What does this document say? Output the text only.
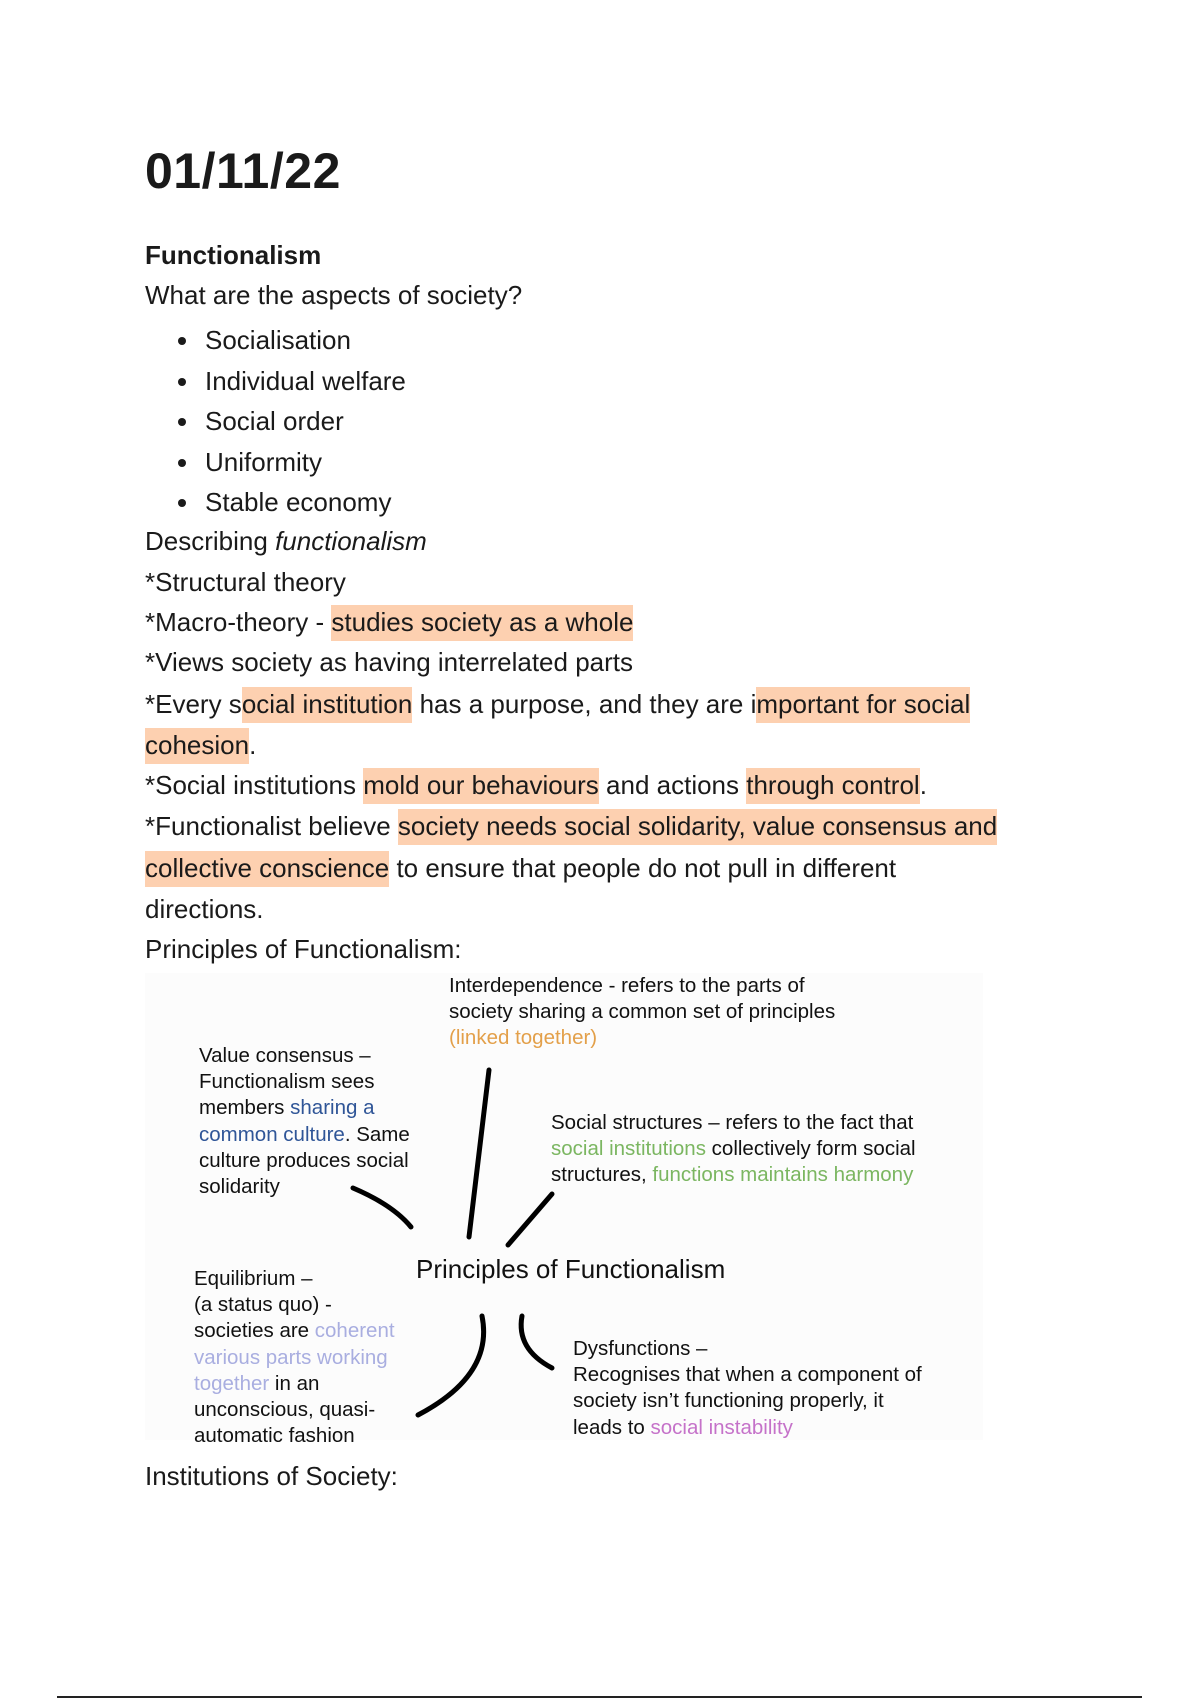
01/11/22
Functionalism
What are the aspects of society?
Socialisation
Individual welfare
Social order
Uniformity
Stable economy
Describing functionalism
*Structural theory
*Macro-theory - studies society as a whole
*Views society as having interrelated parts
*Every social institution has a purpose, and they are important for social
cohesion.
*Social institutions mold our behaviours and actions through control.
*Functionalist believe society needs social solidarity, value consensus and
collective conscience to ensure that people do not pull in different
directions.
Principles of Functionalism:
Interdependence - refers to the parts of
society sharing a common set of principles
(linked together)
Value consensus –
Functionalism sees
members sharing a
common culture. Same
culture produces social
solidarity
Social structures – refers to the fact that
social institutions collectively form social
structures, functions maintains harmony
Principles of Functionalism
Equilibrium –
(a status quo) -
societies are coherent
various parts working
together in an
unconscious, quasi-
automatic fashion
Dysfunctions –
Recognises that when a component of
society isn’t functioning properly, it
leads to social instability
Institutions of Society:
